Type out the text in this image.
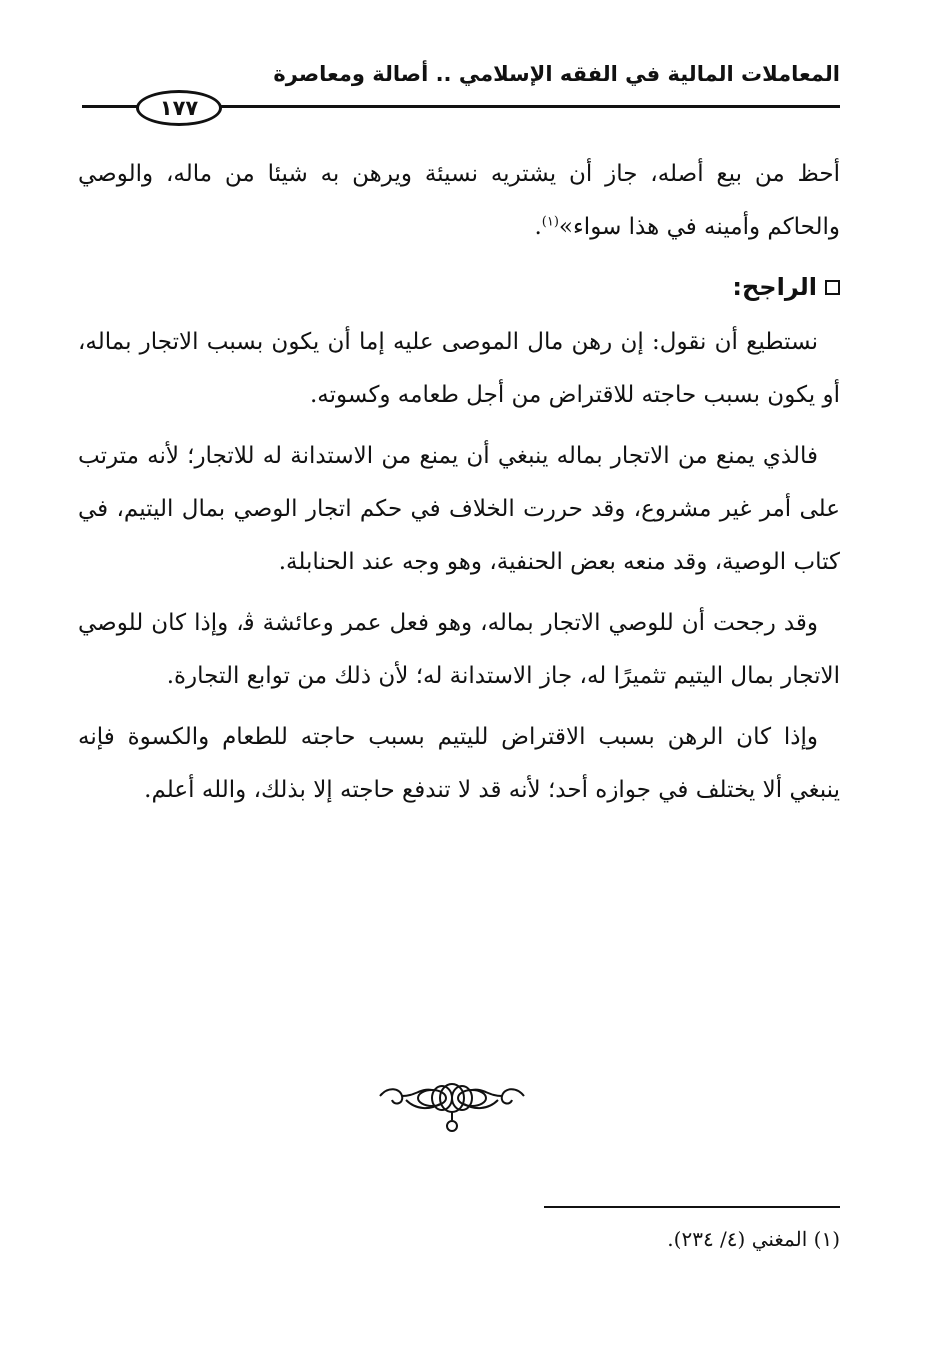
المعاملات المالية في الفقه الإسلامي .. أصالة ومعاصرة
١٧٧

أحظ من بيع أصله، جاز أن يشتريه نسيئة ويرهن به شيئا من ماله، والوصي والحاكم وأمينه في هذا سواء»$^{(١)}$.

الراجح:

نستطيع أن نقول: إن رهن مال الموصى عليه إما أن يكون بسبب الاتجار بماله، أو يكون بسبب حاجته للاقتراض من أجل طعامه وكسوته.

فالذي يمنع من الاتجار بماله ينبغي أن يمنع من الاستدانة له للاتجار؛ لأنه مترتب على أمر غير مشروع، وقد حررت الخلاف في حكم اتجار الوصي بمال اليتيم، في كتاب الوصية، وقد منعه بعض الحنفية، وهو وجه عند الحنابلة.

وقد رجحت أن للوصي الاتجار بماله، وهو فعل عمر وعائشة ﭬ، وإذا كان للوصي الاتجار بمال اليتيم تثميرًا له، جاز الاستدانة له؛ لأن ذلك من توابع التجارة.

وإذا كان الرهن بسبب الاقتراض لليتيم بسبب حاجته للطعام والكسوة فإنه ينبغي ألا يختلف في جوازه أحد؛ لأنه قد لا تندفع حاجته إلا بذلك، والله أعلم.

(١) المغني (٤/ ٢٣٤).
